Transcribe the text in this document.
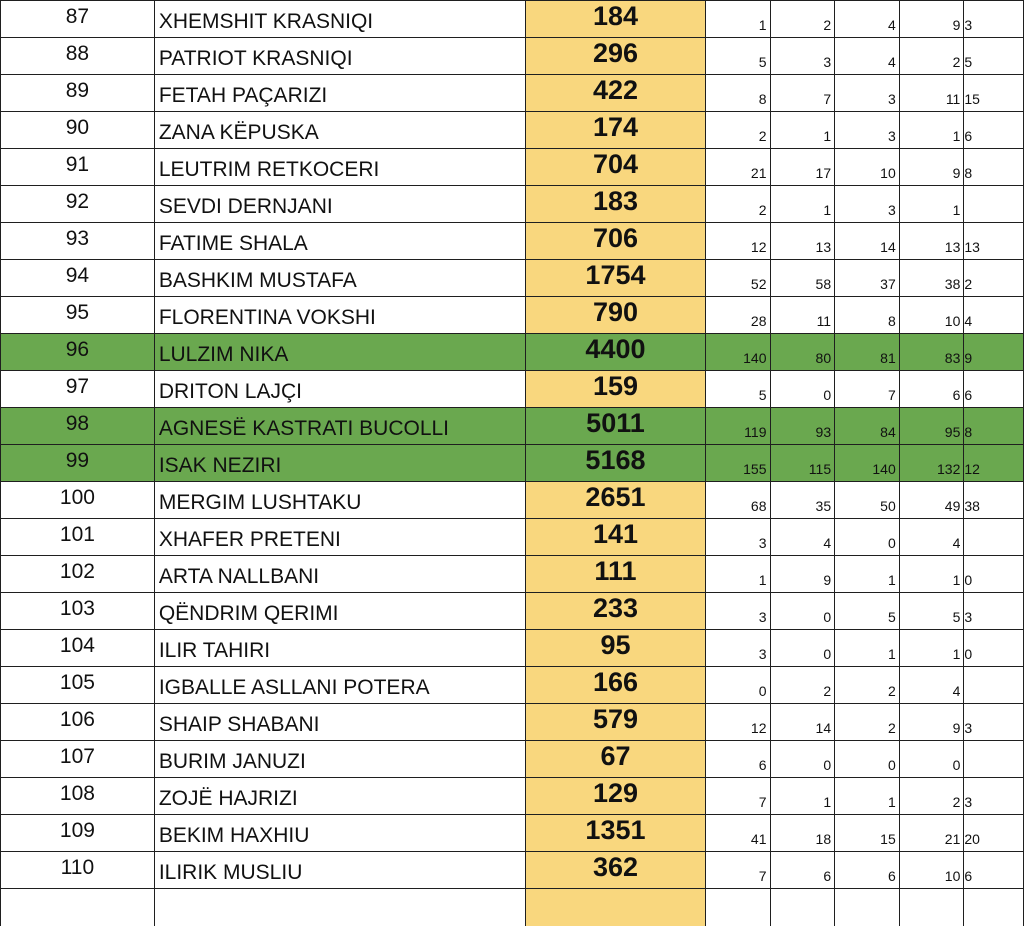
87	XHEMSHIT KRASNIQI	184	1	2	4	9	3
88	PATRIOT KRASNIQI	296	5	3	4	2	5
89	FETAH PAÇARIZI	422	8	7	3	11	15
90	ZANA KËPUSKA	174	2	1	3	1	6
91	LEUTRIM RETKOCERI	704	21	17	10	9	8
92	SEVDI DERNJANI	183	2	1	3	1	
93	FATIME SHALA	706	12	13	14	13	13
94	BASHKIM MUSTAFA	1754	52	58	37	38	2
95	FLORENTINA VOKSHI	790	28	11	8	10	4
96	LULZIM NIKA	4400	140	80	81	83	9
97	DRITON LAJÇI	159	5	0	7	6	6
98	AGNESË KASTRATI BUCOLLI	5011	119	93	84	95	8
99	ISAK NEZIRI	5168	155	115	140	132	12
100	MERGIM LUSHTAKU	2651	68	35	50	49	38
101	XHAFER PRETENI	141	3	4	0	4	
102	ARTA NALLBANI	111	1	9	1	1	0
103	QËNDRIM QERIMI	233	3	0	5	5	3
104	ILIR TAHIRI	95	3	0	1	1	0
105	IGBALLE ASLLANI POTERA	166	0	2	2	4	
106	SHAIP SHABANI	579	12	14	2	9	3
107	BURIM JANUZI	67	6	0	0	0	
108	ZOJË HAJRIZI	129	7	1	1	2	3
109	BEKIM HAXHIU	1351	41	18	15	21	20
110	ILIRIK MUSLIU	362	7	6	6	10	6
